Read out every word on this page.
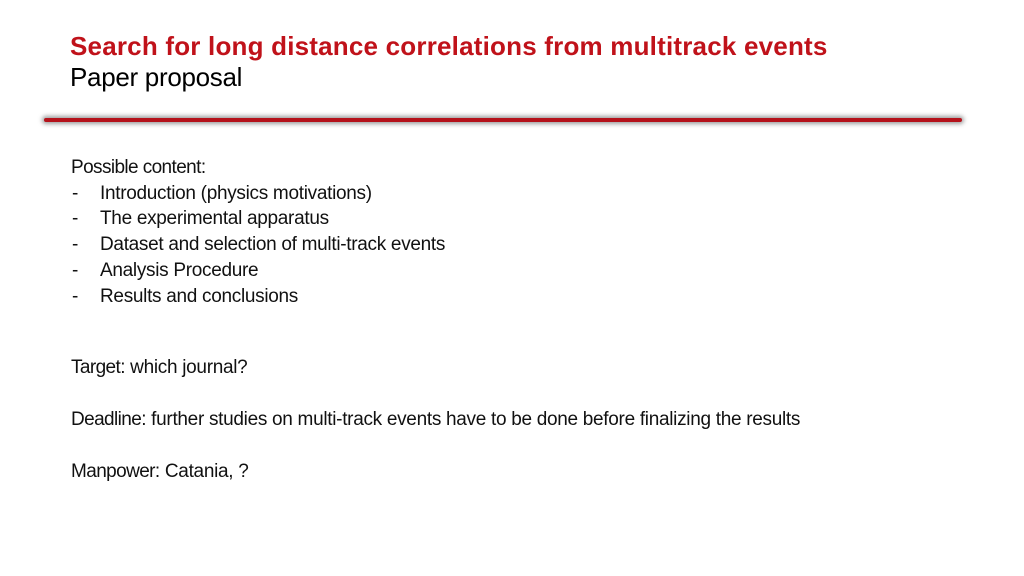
Search for long distance correlations from multitrack events
Paper proposal
Possible content:
- Introduction (physics motivations)
- The experimental apparatus
- Dataset and selection of multi-track events
- Analysis Procedure
- Results and conclusions
Target: which journal?
Deadline: further studies on multi-track events have to be done before finalizing the results
Manpower: Catania, ?
